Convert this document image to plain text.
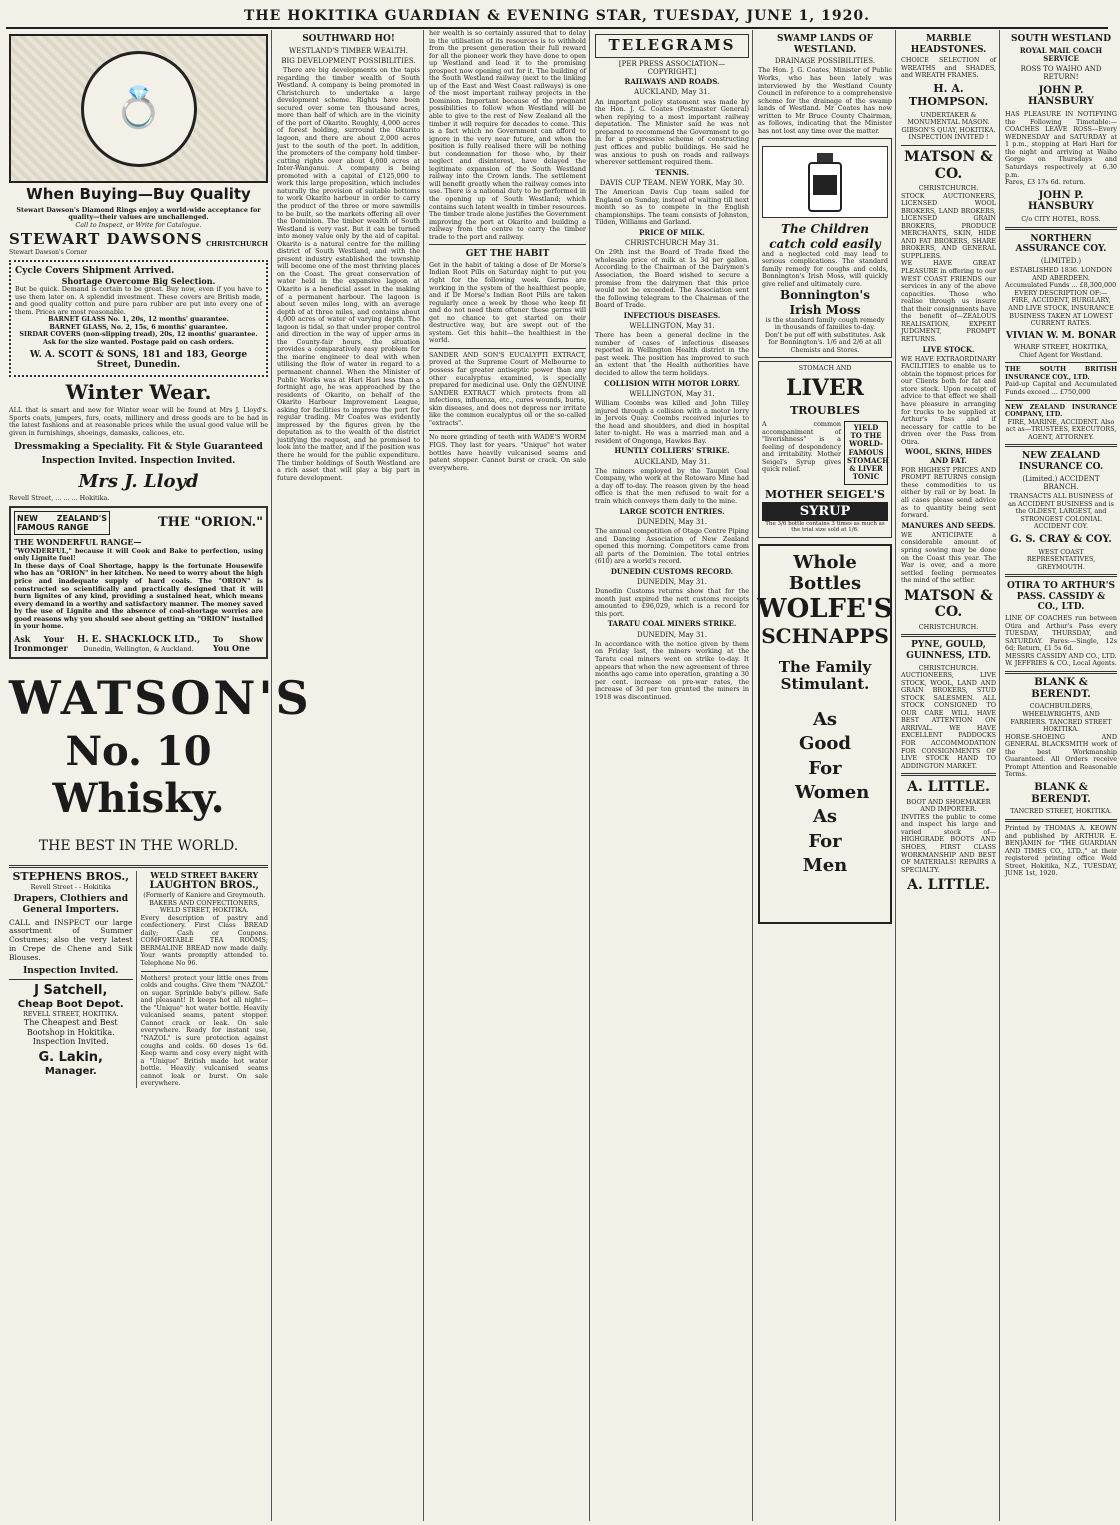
THE HOKITIKA GUARDIAN & EVENING STAR, TUESDAY, JUNE 1, 1920.
💍
When Buying—Buy Quality
Stewart Dawson's Diamond Rings enjoy a world-wide acceptance for quality—their values are unchallenged.
Call to Inspect, or Write for Catalogue.
STEWART DAWSONS CHRISTCHURCH
Stewart Dawson's Corner
Cycle Covers Shipment Arrived.
Shortage Overcome Big Selection.
But be quick. Demand is certain to be great. Buy now, even if you have to use them later on. A splendid investment. These covers are British made, and good quality cotton and pure para rubber are put into every one of them. Prices are most reasonable.
BARNET GLASS No. 1, 20s, 12 months' guarantee.
BARNET GLASS, No. 2, 15s, 6 months' guarantee.
SIRDAR COVERS (non-slipping tread), 20s, 12 months' guarantee.
Ask for the size wanted. Postage paid on cash orders.
W. A. SCOTT & SONS, 181 and 183, George Street, Dunedin.
Winter Wear.
ALL that is smart and new for Winter wear will be found at Mrs J. Lloyd's. Sports coats, jumpers, furs, coats, millinery and dress goods are to be had in the latest fashions and at reasonable prices while the usual good value will be given in furnishings, shoeings, damasks, calicoes, etc.
Dressmaking a Speciality. Fit & Style Guaranteed
Inspection Invited. Inspection Invited.
Mrs J. Lloyd
Revell Street, ... ... ... Hokitika.
NEW ZEALAND'S FAMOUS RANGE	THE "ORION."
THE WONDERFUL RANGE—
"WONDERFUL," because it will Cook and Bake to perfection, using only Lignite fuel!
In these days of Coal Shortage, happy is the fortunate Housewife who has an "ORION" in her kitchen. No need to worry about the high price and inadequate supply of hard coals. The "ORION" is constructed so scientifically and practically designed that it will burn lignites of any kind, providing a sustained heat, which means every demand in a worthy and satisfactory manner. The money saved by the use of Lignite and the absence of coal-shortage worries are good reasons why you should see about getting an "ORION" installed in your home.
Ask Your Ironmonger
H. E. SHACKLOCK LTD.,
Dunedin, Wellington, & Auckland.
To Show You One
WATSON'S
No. 10 Whisky.
THE BEST IN THE WORLD.
STEPHENS BROS.,
Revell Street - - Hokitika
Drapers, Clothiers and General Importers.
CALL and INSPECT our large assortment of Summer Costumes; also the very latest in Crepe de Chene and Silk Blouses.
Inspection Invited.
J Satchell,
Cheap Boot Depot.
REVELL STREET, HOKITIKA.
The Cheapest and Best Bootshop in Hokitika. Inspection Invited.
G. Lakin,
Manager.
WELD STREET BAKERY
LAUGHTON BROS.,
(Formerly of Kaniere and Greymouth.
BAKERS AND CONFECTIONERS, WELD STREET, HOKITIKA.
Every description of pastry and confectionery. First Class BREAD daily; Cash or Coupons. COMFORTABLE TEA ROOMS; BERMALINE BREAD now made daily. Your wants promptly attended to. Telephone No 96.
Mothers! protect your little ones from colds and coughs. Give them "NAZOL" on sugar. Sprinkle baby's pillow. Safe and pleasant! It keeps hot all night—the "Unique" hot water bottle. Heavily vulcanised seams, patent stopper. Cannot crack or leak. On sale everywhere. Ready for instant use, "NAZOL" is sure protection against coughs and colds. 60 doses 1s 6d. Keep warm and cosy every night with a "Unique" British made hot water bottle. Heavily vulcanised seams cannot leak or burst. On sale everywhere.
SOUTHWARD HO!
WESTLAND'S TIMBER WEALTH.
BIG DEVELOPMENT POSSIBILITIES.
There are big developments on the tapis regarding the timber wealth of South Westland. A company is being promoted in Christchurch to undertake a large development scheme. Rights have been secured over some ten thousand acres, more than half of which are in the vicinity of the port of Okarito. Roughly, 4,000 acres of forest holding, surround the Okarito lagoon, and there are about 2,000 acres just to the south of the port. In addition, the promoters of the company hold timber-cutting rights over about 4,000 acres at Inter-Wanganui. A company is being promoted with a capital of £125,000 to work this large proposition, which includes naturally the provision of suitable bottoms to work Okarito harbour in order to carry the product of the three or more sawmills to be built, so the markets offering all over the Dominion. The timber wealth of South Westland is very vast. But it can be turned into money value only by the aid of capital. Okarito is a natural centre for the milling district of South Westland, and with the present industry established the township will become one of the most thriving places on the Coast. The great conservation of water held in the expansive lagoon at Okarito is a beneficial asset in the making of a permanent harbour. The lagoon is about seven miles long, with an average depth of at three miles, and contains about 4,000 acres of water of varying depth. The lagoon is tidal, so that under proper control and direction in the way of upper arms in the County-fair hours, the situation provides a comparatively easy problem for the marine engineer to deal with when utilising the flow of water in regard to a permanent channel. When the Minister of Public Works was at Hari Hari less than a fortnight ago, he was approached by the residents of Okarito, on behalf of the Okarito Harbour Improvement League, asking for facilities to improve the port for regular trading. Mr Coates was evidently impressed by the figures given by the deputation as to the wealth of the district justifying the request, and he promised to look into the matter, and if the position was there he would for the public expenditure. The timber holdings of South Westland are a rich asset that will play a big part in future development.
her wealth is so certainly assured that to delay in the utilisation of its resources is to withhold from the present generation their full reward for all the pioneer work they have done to open up Westland and lead it to the promising prospect now opening out for it. The building of the South Westland railway (next to the linking up of the East and West Coast railways) is one of the most important railway projects in the Dominion. Important because of the pregnant possibilities to follow when Westland will be able to give to the rest of New Zealand all the timber it will require for decades to come. This is a fact which no Government can afford to ignore in the very near future, and when the position is fully realised there will be nothing but condemnation for those who, by their neglect and disinterest, have delayed the legitimate expansion of the South Westland railway into the Crown lands. The settlement will benefit greatly when the railway comes into use. There is a national duty to be performed in the opening up of South Westland; which contains such latent wealth in timber resources. The timber trade alone justifies the Government improving the port at Okarito and building a railway from the centre to carry the timber trade to the port and railway.
GET THE HABIT
Get in the habit of taking a dose of Dr Morse's Indian Root Pills on Saturday night to put you right for the following week. Germs are working in the system of the healthiest people, and if Dr Morse's Indian Root Pills are taken regularly once a week by those who keep fit and do not need them oftener these germs will get no chance to get started on their destructive way, but are swept out of the system. Get this habit—the healthiest in the world.
SANDER AND SON'S EUCALYPTI EXTRACT, proved at the Supreme Court of Melbourne to possess far greater antiseptic power than any other eucalyptus examined, is specially prepared for medicinal use. Only the GENUINE SANDER EXTRACT which protects from all infections, influenza, etc., cures wounds, burns, skin diseases, and does not depress nor irritate like the common eucalyptus oil or the so-called "extracts".
No more grinding of teeth with WADE'S WORM FIGS. They last for years. "Unique" hot water bottles have heavily vulcanised seams and patent stopper. Cannot burst or crack. On sale everywhere.
TELEGRAMS
[PER PRESS ASSOCIATION—COPYRIGHT.]
RAILWAYS AND ROADS.
AUCKLAND, May 31.
An important policy statement was made by the Hon. J. G. Coates (Postmaster General) when replying to a most important railway deputation. The Minister said he was not prepared to recommend the Government to go in for a progressive scheme of constructing just offices and public buildings. He said he was anxious to push on roads and railways wherever settlement required them.
TENNIS.
DAVIS CUP TEAM. NEW YORK, May 30.
The American Davis Cup team sailed for England on Sunday, instead of waiting till next month so as to compete in the English championships. The team consists of Johnston, Tilden, Williams and Garland.
PRICE OF MILK.
CHRISTCHURCH May 31.
On 29th inst the Board of Trade fixed the wholesale price of milk at 1s 3d per gallon. According to the Chairman of the Dairymen's Association, the Board wished to secure a promise from the dairymen that this price would not be exceeded. The Association sent the following telegram to the Chairman of the Board of Trade.
INFECTIOUS DISEASES.
WELLINGTON, May 31.
There has been a general decline in the number of cases of infectious diseases reported in Wellington Health district in the past week. The position has improved to such an extent that the Health authorities have decided to allow the term holidays.
COLLISION WITH MOTOR LORRY.
WELLINGTON, May 31.
William Coombs was killed and John Tilley injured through a collision with a motor lorry in Jervois Quay. Coombs received injuries to the head and shoulders, and died in hospital later to-night. He was a married man and a resident of Ongonga, Hawkes Bay.
HUNTLY COLLIERS' STRIKE.
AUCKLAND, May 31.
The miners employed by the Taupiri Coal Company, who work at the Rotowaro Mine had a day off to-day. The reason given by the head office is that the men refused to wait for a train which conveys them daily to the mine.
LARGE SCOTCH ENTRIES.
DUNEDIN, May 31.
The annual competition of Otago Centre Piping and Dancing Association of New Zealand opened this morning. Competitors came from all parts of the Dominion. The total entries (610) are a world's record.
DUNEDIN CUSTOMS RECORD.
DUNEDIN, May 31.
Dunedin Customs returns show that for the month just expired the nett customs receipts amounted to £96,029, which is a record for this port.
TARATU COAL MINERS STRIKE.
DUNEDIN, May 31.
In accordance with the notice given by them on Friday last, the miners working at the Taratu coal miners went on strike to-day. It appears that when the new agreement of three months ago came into operation, granting a 30 per cent. increase on pre-war rates, the increase of 3d per ton granted the miners in 1918 was discontinued.
SWAMP LANDS OF WESTLAND.
DRAINAGE POSSIBILITIES.
The Hon. J. G. Coates, Minister of Public Works, who has been lately was interviewed by the Westland County Council in reference to a comprehensive scheme for the drainage of the swamp lands of Westland. Mr Coates has now written to Mr Bruce County Chairman, as follows, indicating that the Minister has not lost any time over the matter.
The Children catch cold easily
and a neglected cold may lead to serious complications. The standard family remedy for coughs and colds, Bonnington's Irish Moss, will quickly give relief and ultimately cure.
Bonnington's Irish Moss
is the standard family cough remedy in thousands of families to-day.
Don't be put off with substitutes. Ask for Bonnington's. 1/6 and 2/6 at all Chemists and Stores.
STOMACH AND
LIVER
TROUBLES
A common accompaniment of "liverishness" is a feeling of despondency and irritability. Mother Seigel's Syrup gives quick relief.
YIELD TO THE WORLD-FAMOUS STOMACH & LIVER TONIC
MOTHER SEIGEL'S
SYRUP
The 3/6 bottle contains 3 times as much as the trial size sold at 1/6.
Whole Bottles
WOLFE'S
SCHNAPPS
The Family Stimulant.
As Good For Women As For Men
MARBLE HEADSTONES.
CHOICE SELECTION of WREATHS and SHADES, and WREATH FRAMES.
H. A. THOMPSON.
UNDERTAKER & MONUMENTAL MASON.
GIBSON'S QUAY, HOKITIKA. INSPECTION INVITED !
MATSON & CO.
CHRISTCHURCH.
STOCK AUCTIONEERS, LICENSED WOOL BROKERS, LAND BROKERS, LICENSED GRAIN BROKERS, PRODUCE MERCHANTS, SKIN, HIDE AND FAT BROKERS, SHARE BROKERS, AND GENERAL SUPPLIERS.
WE HAVE GREAT PLEASURE in offering to our WEST COAST FRIENDS our services in any of the above capacities. Those who realise through us insure that their consignments have the benefit of—ZEALOUS REALISATION, EXPERT JUDGMENT, PROMPT RETURNS.
LIVE STOCK.
WE HAVE EXTRAORDINARY FACILITIES to enable us to obtain the topmost prices for our Clients both for fat and store stock. Upon receipt of advice to that effect we shall have pleasure in arranging for trucks to be supplied at Arthur's Pass and if necessary for cattle to be driven over the Pass from Otira.
WOOL, SKINS, HIDES AND FAT.
FOR HIGHEST PRICES AND PROMPT RETURNS consign these commodities to us either by rail or by boat. In all cases please send advice as to quantity being sent forward.
MANURES AND SEEDS.
WE ANTICIPATE a considerable amount of spring sowing may be done on the Coast this year. The War is over, and a more settled feeling permeates the mind of the settler.
MATSON & CO.
CHRISTCHURCH.
PYNE, GOULD, GUINNESS, LTD.
CHRISTCHURCH.
AUCTIONEERS, LIVE STOCK, WOOL, LAND AND GRAIN BROKERS, STUD STOCK SALESMEN. ALL STOCK CONSIGNED TO OUR CARE WILL HAVE BEST ATTENTION ON ARRIVAL. WE HAVE EXCELLENT PADDOCKS FOR ACCOMMODATION FOR CONSIGNMENTS OF LIVE STOCK HAND TO ADDINGTON MARKET.
A. LITTLE.
BOOT AND SHOEMAKER AND IMPORTER.
INVITES the public to come and inspect his large and varied stock of—HIGHGRADE BOOTS AND SHOES, FIRST CLASS WORKMANSHIP AND BEST OF MATERIALS! REPAIRS A SPECIALTY.
A. LITTLE.
SOUTH WESTLAND
ROYAL MAIL COACH SERVICE
ROSS TO WAIHO AND RETURN!
JOHN P. HANSBURY
HAS PLEASURE IN NOTIFYING the Following Timetable:— COACHES LEAVE ROSS—Every WEDNESDAY and SATURDAY at 1 p.m., stopping at Hari Hari for the night and arriving at Waiho Gorge on Thursdays and Saturdays respectively at 6.30 p.m.
Fares, £3 17s 6d. return.
JOHN P. HANSBURY
C/o CITY HOTEL, ROSS.
NORTHERN ASSURANCE COY.
(LIMITED.)
ESTABLISHED 1836. LONDON AND ABERDEEN.
Accumulated Funds ... £8,300,000
EVERY DESCRIPTION OF:— FIRE, ACCIDENT, BURGLARY, AND LIVE STOCK, INSURANCE BUSINESS TAKEN AT LOWEST CURRENT RATES.
VIVIAN W. M. BONAR
WHARF STREET, HOKITIKA, Chief Agent for Westland.
THE SOUTH BRITISH INSURANCE COY., LTD.
Paid-up Capital and Accumulated Funds exceed ... £750,000
NEW ZEALAND INSURANCE COMPANY, LTD.
FIRE, MARINE, ACCIDENT. Also act as—TRUSTEES, EXECUTORS, AGENT, ATTORNEY.
NEW ZEALAND INSURANCE CO.
(Limited.) ACCIDENT BRANCH.
TRANSACTS ALL BUSINESS of an ACCIDENT BUSINESS and is the OLDEST, LARGEST, and STRONGEST COLONIAL ACCIDENT COY.
G. S. CRAY & COY.
WEST COAST REPRESENTATIVES, GREYMOUTH.
OTIRA TO ARTHUR'S PASS. CASSIDY & CO., LTD.
LINE OF COACHES run between Otira and Arthur's Pass every TUESDAY, THURSDAY, and SATURDAY. Fares:—Single, 12s 6d; Return, £1 5s 6d.
MESSRS CASSIDY AND CO., LTD. W. JEFFRIES & CO., Local Agents.
BLANK & BERENDT.
COACHBUILDERS, WHEELWRIGHTS, AND FARRIERS. TANCRED STREET HOKITIKA.
HORSE-SHOEING AND GENERAL BLACKSMITH work of the best Workmanship Guaranteed. All Orders receive Prompt Attention and Reasonable Terms.
BLANK & BERENDT.
TANCRED STREET, HOKITIKA.
Printed by THOMAS A. KEOWN and published by ARTHUR E. BENJAMIN for "THE GUARDIAN AND TIMES CO., LTD.," at their registered printing office Weld Street, Hokitika, N.Z., TUESDAY, JUNE 1st, 1920.
